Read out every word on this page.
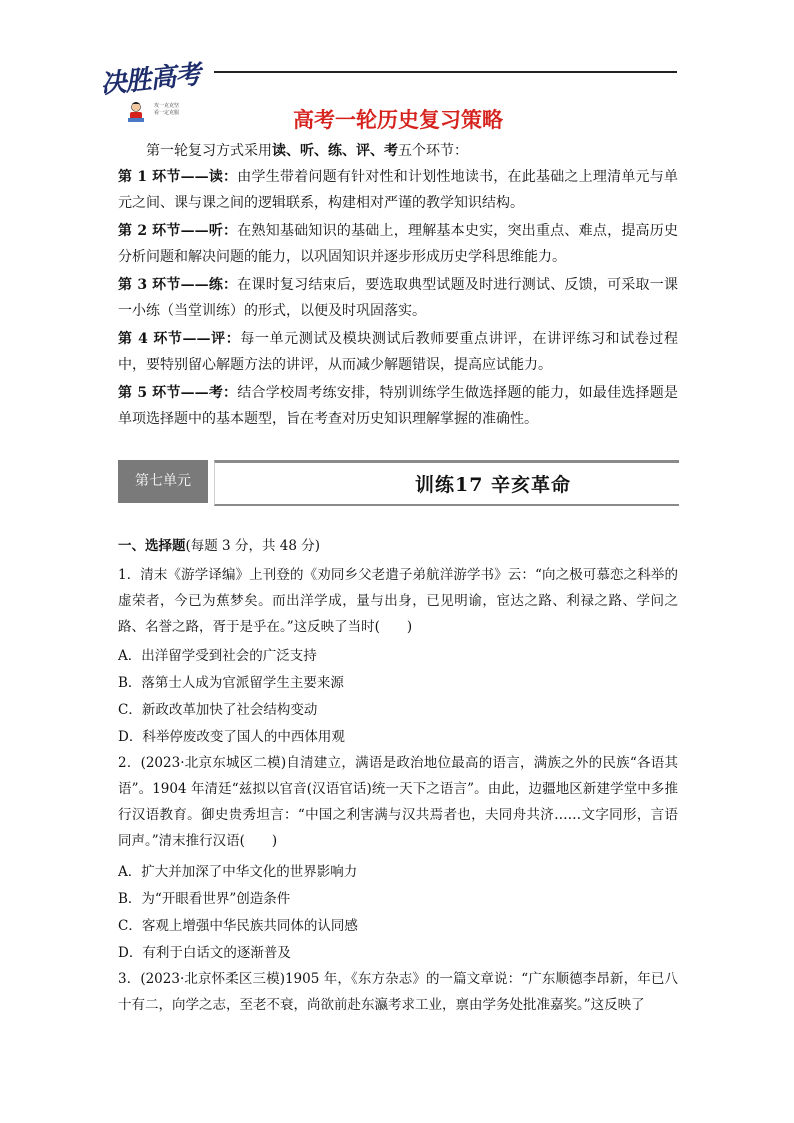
决胜高考
攻一克克坚
看一定克服	高考一轮历史复习策略
第一轮复习方式采用读、听、练、评、考五个环节：
第 1 环节——读：由学生带着问题有针对性和计划性地读书，在此基础之上理清单元与单元之间、课与课之间的逻辑联系，构建相对严谨的教学知识结构。
第 2 环节——听：在熟知基础知识的基础上，理解基本史实，突出重点、难点，提高历史分析问题和解决问题的能力，以巩固知识并逐步形成历史学科思维能力。
第 3 环节——练：在课时复习结束后，要选取典型试题及时进行测试、反馈，可采取一课一小练（当堂训练）的形式，以便及时巩固落实。
第 4 环节——评：每一单元测试及模块测试后教师要重点讲评，在讲评练习和试卷过程中，要特别留心解题方法的讲评，从而减少解题错误，提高应试能力。
第 5 环节——考：结合学校周考练安排，特别训练学生做选择题的能力，如最佳选择题是单项选择题中的基本题型，旨在考查对历史知识理解掌握的准确性。
第七单元	训练17 辛亥革命
一、选择题(每题 3 分，共 48 分)
1．清末《游学译编》上刊登的《劝同乡父老遣子弟航洋游学书》云：“向之极可慕恋之科举的虚荣者，今已为蕉梦矣。而出洋学成，量与出身，已见明谕，宦达之路、利禄之路、学问之路、名誉之路，胥于是乎在。”这反映了当时(　　)
A．出洋留学受到社会的广泛支持
B．落第士人成为官派留学生主要来源
C．新政改革加快了社会结构变动
D．科举停废改变了国人的中西体用观
2．(2023·北京东城区二模)自清建立，满语是政治地位最高的语言，满族之外的民族“各语其语”。1904 年清廷“兹拟以官音(汉语官话)统一天下之语言”。由此，边疆地区新建学堂中多推行汉语教育。御史贵秀坦言：“中国之利害满与汉共焉者也，夫同舟共济……文字同形，言语同声。”清末推行汉语(　　)
A．扩大并加深了中华文化的世界影响力
B．为“开眼看世界”创造条件
C．客观上增强中华民族共同体的认同感
D．有利于白话文的逐渐普及
3．(2023·北京怀柔区三模)1905 年，《东方杂志》的一篇文章说：“广东顺德李昂新，年已八十有二，向学之志，至老不衰，尚欲前赴东瀛考求工业，禀由学务处批准嘉奖。”这反映了
